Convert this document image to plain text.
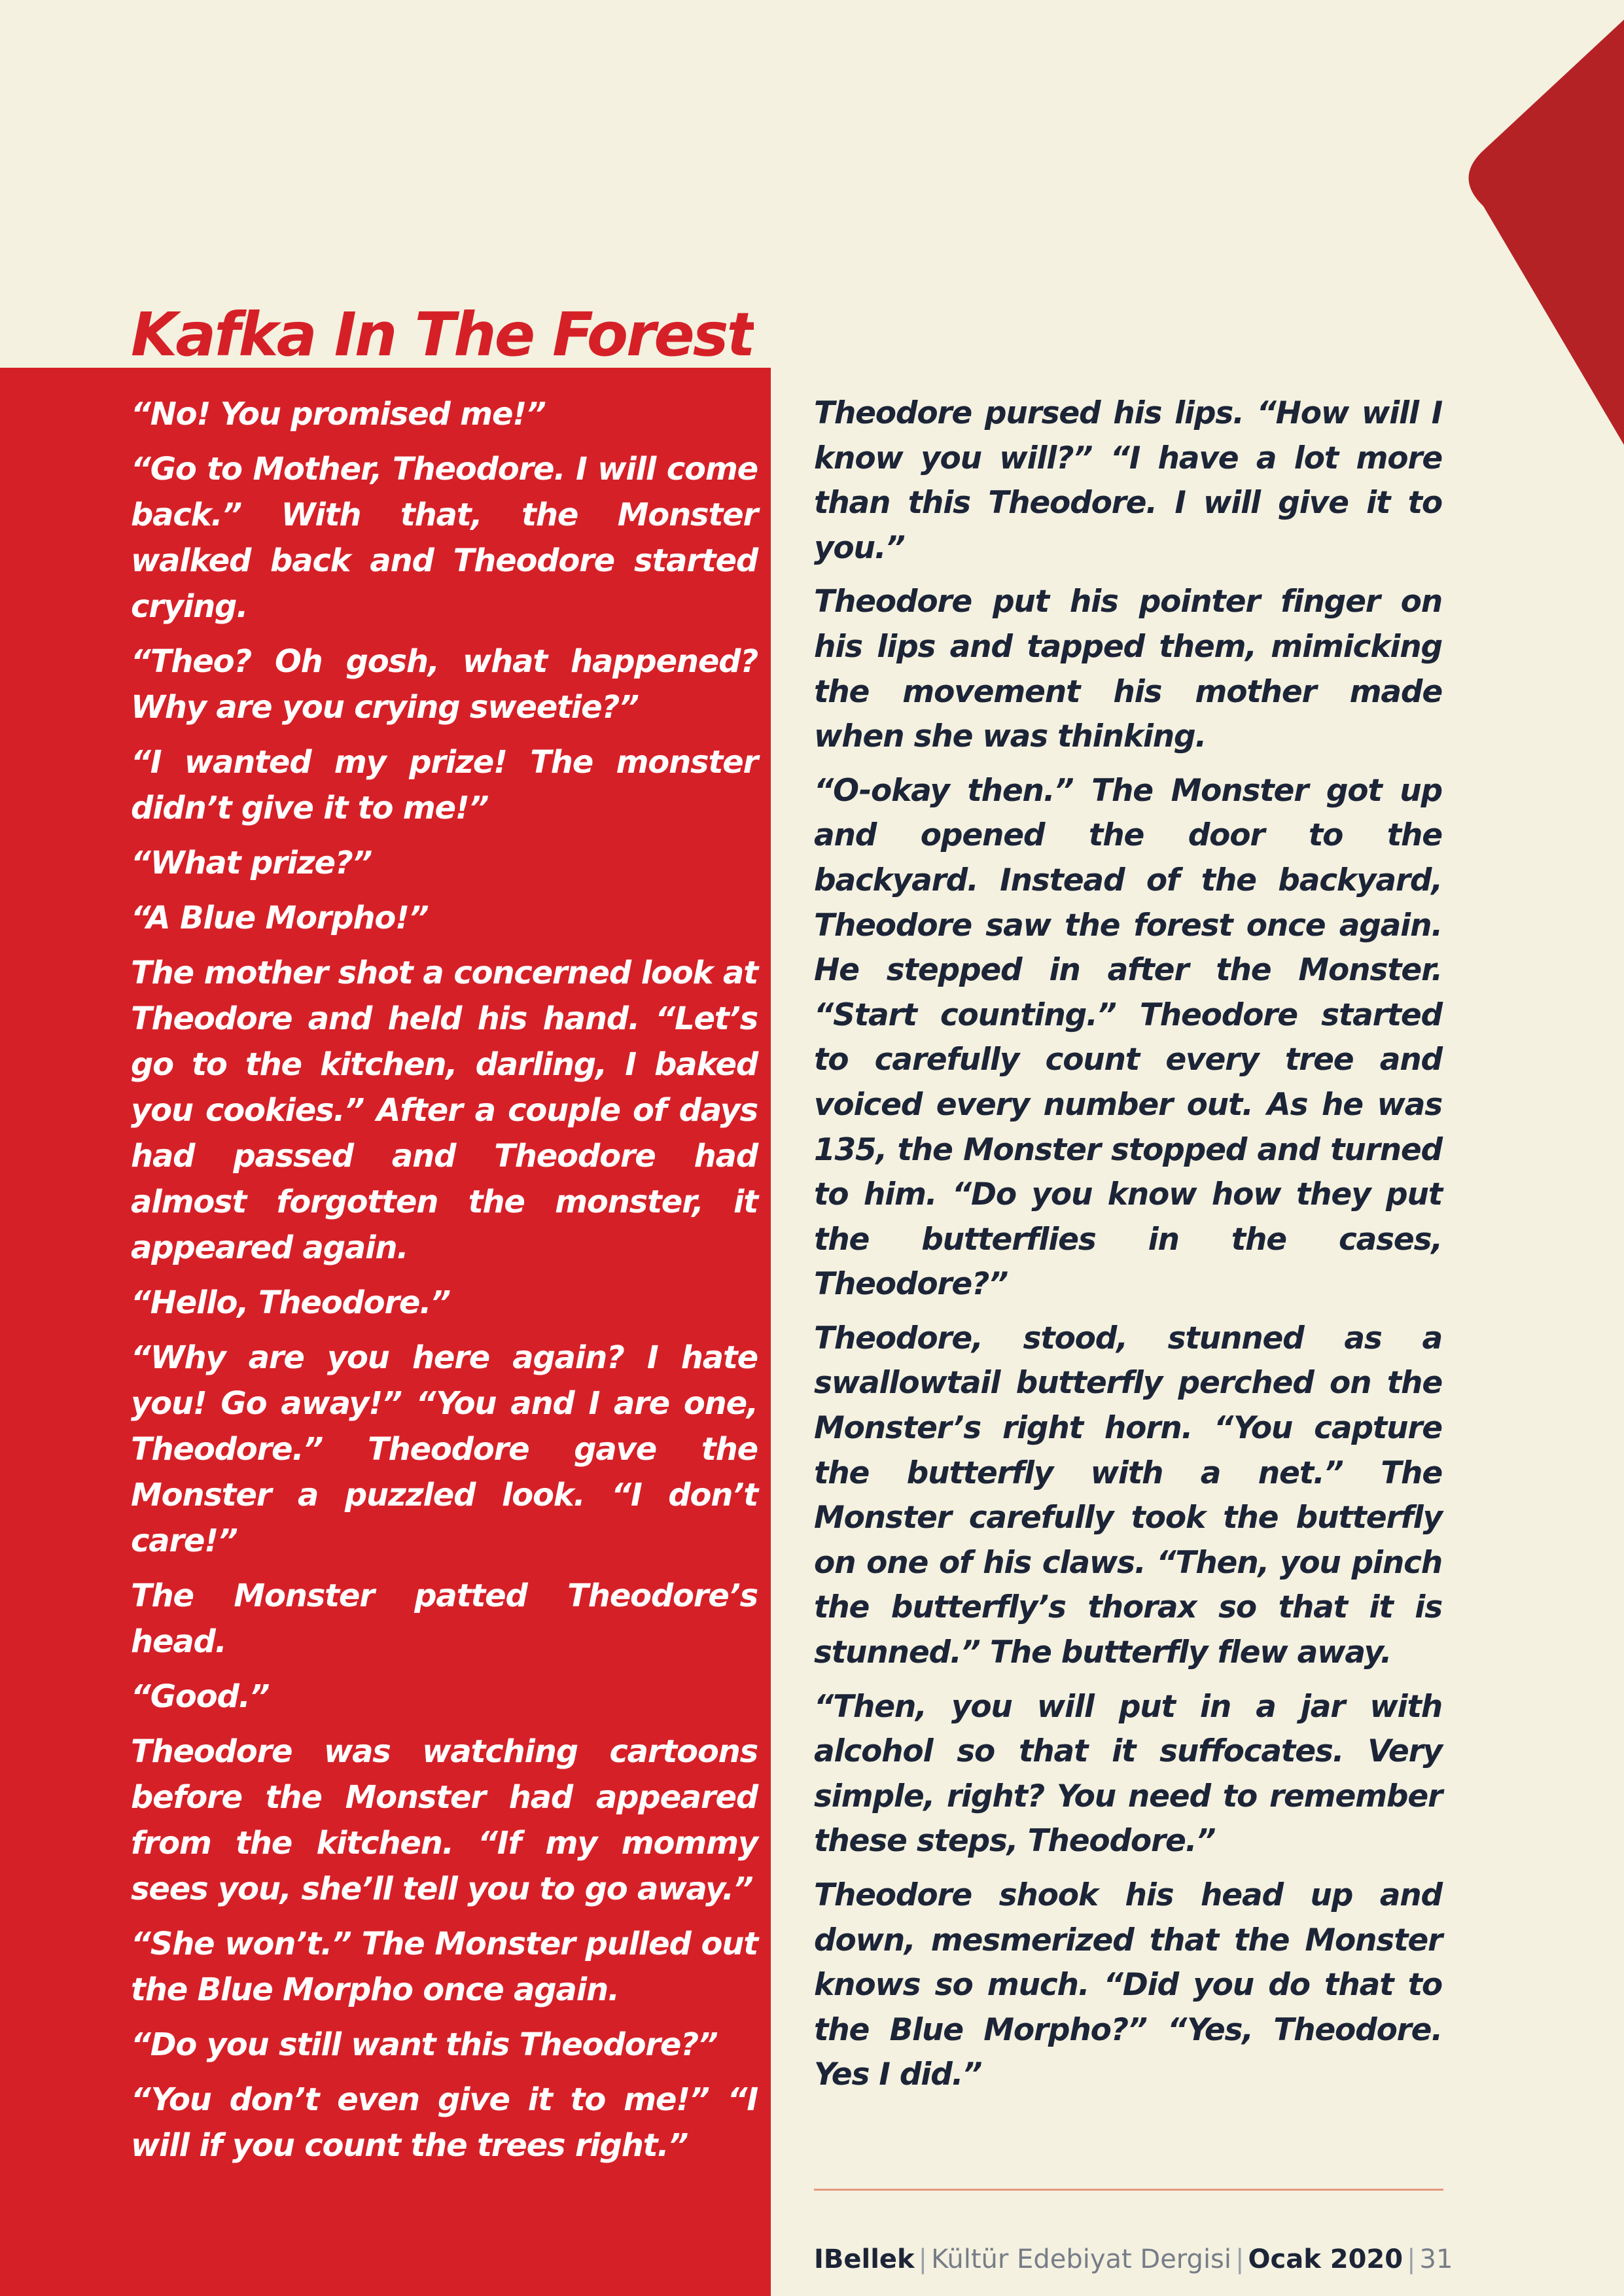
Kafka In The Forest

“No! You promised me!”

“Go to Mother, Theodore. I will come back.” With that, the Monster walked back and Theodore started crying.

“Theo? Oh gosh, what happened? Why are you crying sweetie?”

“I wanted my prize! The monster didn’t give it to me!”

“What prize?”

“A Blue Morpho!”

The mother shot a concerned look at Theodore and held his hand. “Let’s go to the kitchen, darling, I baked you cookies.” After a couple of days had passed and Theodore had almost forgotten the monster, it appeared again.

“Hello, Theodore.”

“Why are you here again? I hate you! Go away!” “You and I are one, Theodore.” Theodore gave the Monster a puzzled look. “I don’t care!”

The Monster patted Theodore’s head.

“Good.”

Theodore was watching cartoons before the Monster had appeared from the kitchen. “If my mommy sees you, she’ll tell you to go away.”

“She won’t.” The Monster pulled out the Blue Morpho once again.

“Do you still want this Theodore?”

“You don’t even give it to me!” “I will if you count the trees right.”

Theodore pursed his lips. “How will I know you will?” “I have a lot more than this Theodore. I will give it to you.”

Theodore put his pointer finger on his lips and tapped them, mimicking the movement his mother made when she was thinking.

“O-okay then.” The Monster got up and opened the door to the backyard. Instead of the backyard, Theodore saw the forest once again. He stepped in after the Monster. “Start counting.” Theodore started to carefully count every tree and voiced every number out. As he was 135, the Monster stopped and turned to him. “Do you know how they put the butterflies in the cases, Theodore?”

Theodore, stood, stunned as a swallowtail butterfly perched on the Monster’s right horn. “You capture the butterfly with a net.” The Monster carefully took the butterfly on one of his claws. “Then, you pinch the butterfly’s thorax so that it is stunned.” The butterfly flew away.

“Then, you will put in a jar with alcohol so that it suffocates. Very simple, right? You need to remember these steps, Theodore.”

Theodore shook his head up and down, mesmerized that the Monster knows so much. “Did you do that to the Blue Morpho?” “Yes, Theodore. Yes I did.”

IBellek | Kültür Edebiyat Dergisi | Ocak 2020 | 31
